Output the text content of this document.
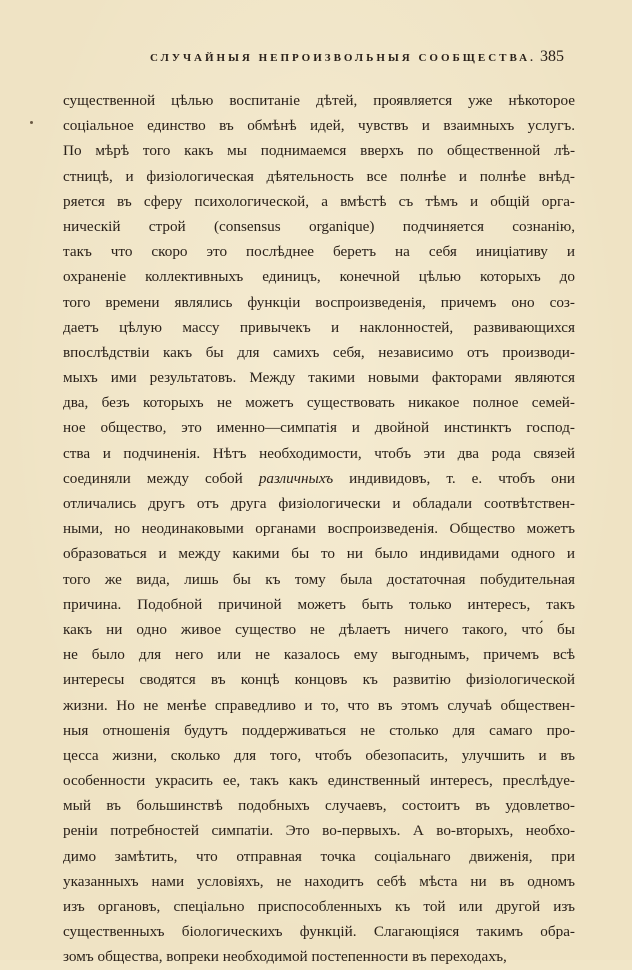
СЛУЧАЙНЫЯ НЕПРОИЗВОЛЬНЫЯ СООБЩЕСТВА. 385
существенной цѣлью воспитаніе дѣтей, проявляется уже нѣкоторое
соціальное единство въ обмѣнѣ идей, чувствъ и взаимныхъ услугъ.
По мѣрѣ того какъ мы поднимаемся вверхъ по общественной лѣ-
стницѣ, и физіологическая дѣятельность все полнѣе и полнѣе внѣд-
ряется въ сферу психологической, а вмѣстѣ съ тѣмъ и общій орга-
ническій строй (consensus organique) подчиняется сознанію,
такъ что скоро это послѣднее беретъ на себя иниціативу и
охраненіе коллективныхъ единицъ, конечной цѣлью которыхъ до
того времени являлись функціи воспроизведенія, причемъ оно соз-
даетъ цѣлую массу привычекъ и наклонностей, развивающихся
впослѣдствіи какъ бы для самихъ себя, независимо отъ производи-
мыхъ ими результатовъ. Между такими новыми факторами являются
два, безъ которыхъ не можетъ существовать никакое полное семей-
ное общество, это именно—симпатія и двойной инстинктъ господ-
ства и подчиненія. Нѣтъ необходимости, чтобъ эти два рода связей
соединяли между собой различныхъ индивидовъ, т. е. чтобъ они
отличались другъ отъ друга физіологически и обладали соотвѣтствен-
ными, но неодинаковыми органами воспроизведенія. Общество можетъ
образоваться и между какими бы то ни было индивидами одного и
того же вида, лишь бы къ тому была достаточная побудительная
причина. Подобной причиной можетъ быть только интересъ, такъ
какъ ни одно живое существо не дѣлаетъ ничего такого, что́ бы
не было для него или не казалось ему выгоднымъ, причемъ всѣ
интересы сводятся въ концѣ концовъ къ развитію физіологической
жизни. Но не менѣе справедливо и то, что въ этомъ случаѣ обществен-
ныя отношенія будутъ поддерживаться не столько для самаго про-
цесса жизни, сколько для того, чтобъ обезопасить, улучшить и въ
особенности украсить ее, такъ какъ единственный интересъ, преслѣдуе-
мый въ большинствѣ подобныхъ случаевъ, состоитъ въ удовлетво-
реніи потребностей симпатіи. Это во-первыхъ. А во-вторыхъ, необхо-
димо замѣтить, что отправная точка соціальнаго движенія, при
указанныхъ нами условіяхъ, не находитъ себѣ мѣста ни въ одномъ
изъ органовъ, спеціально приспособленныхъ къ той или другой изъ
существенныхъ біологическихъ функцій. Слагающіяся такимъ обра-
зомъ общества, вопреки необходимой постепенности въ переходахъ,
